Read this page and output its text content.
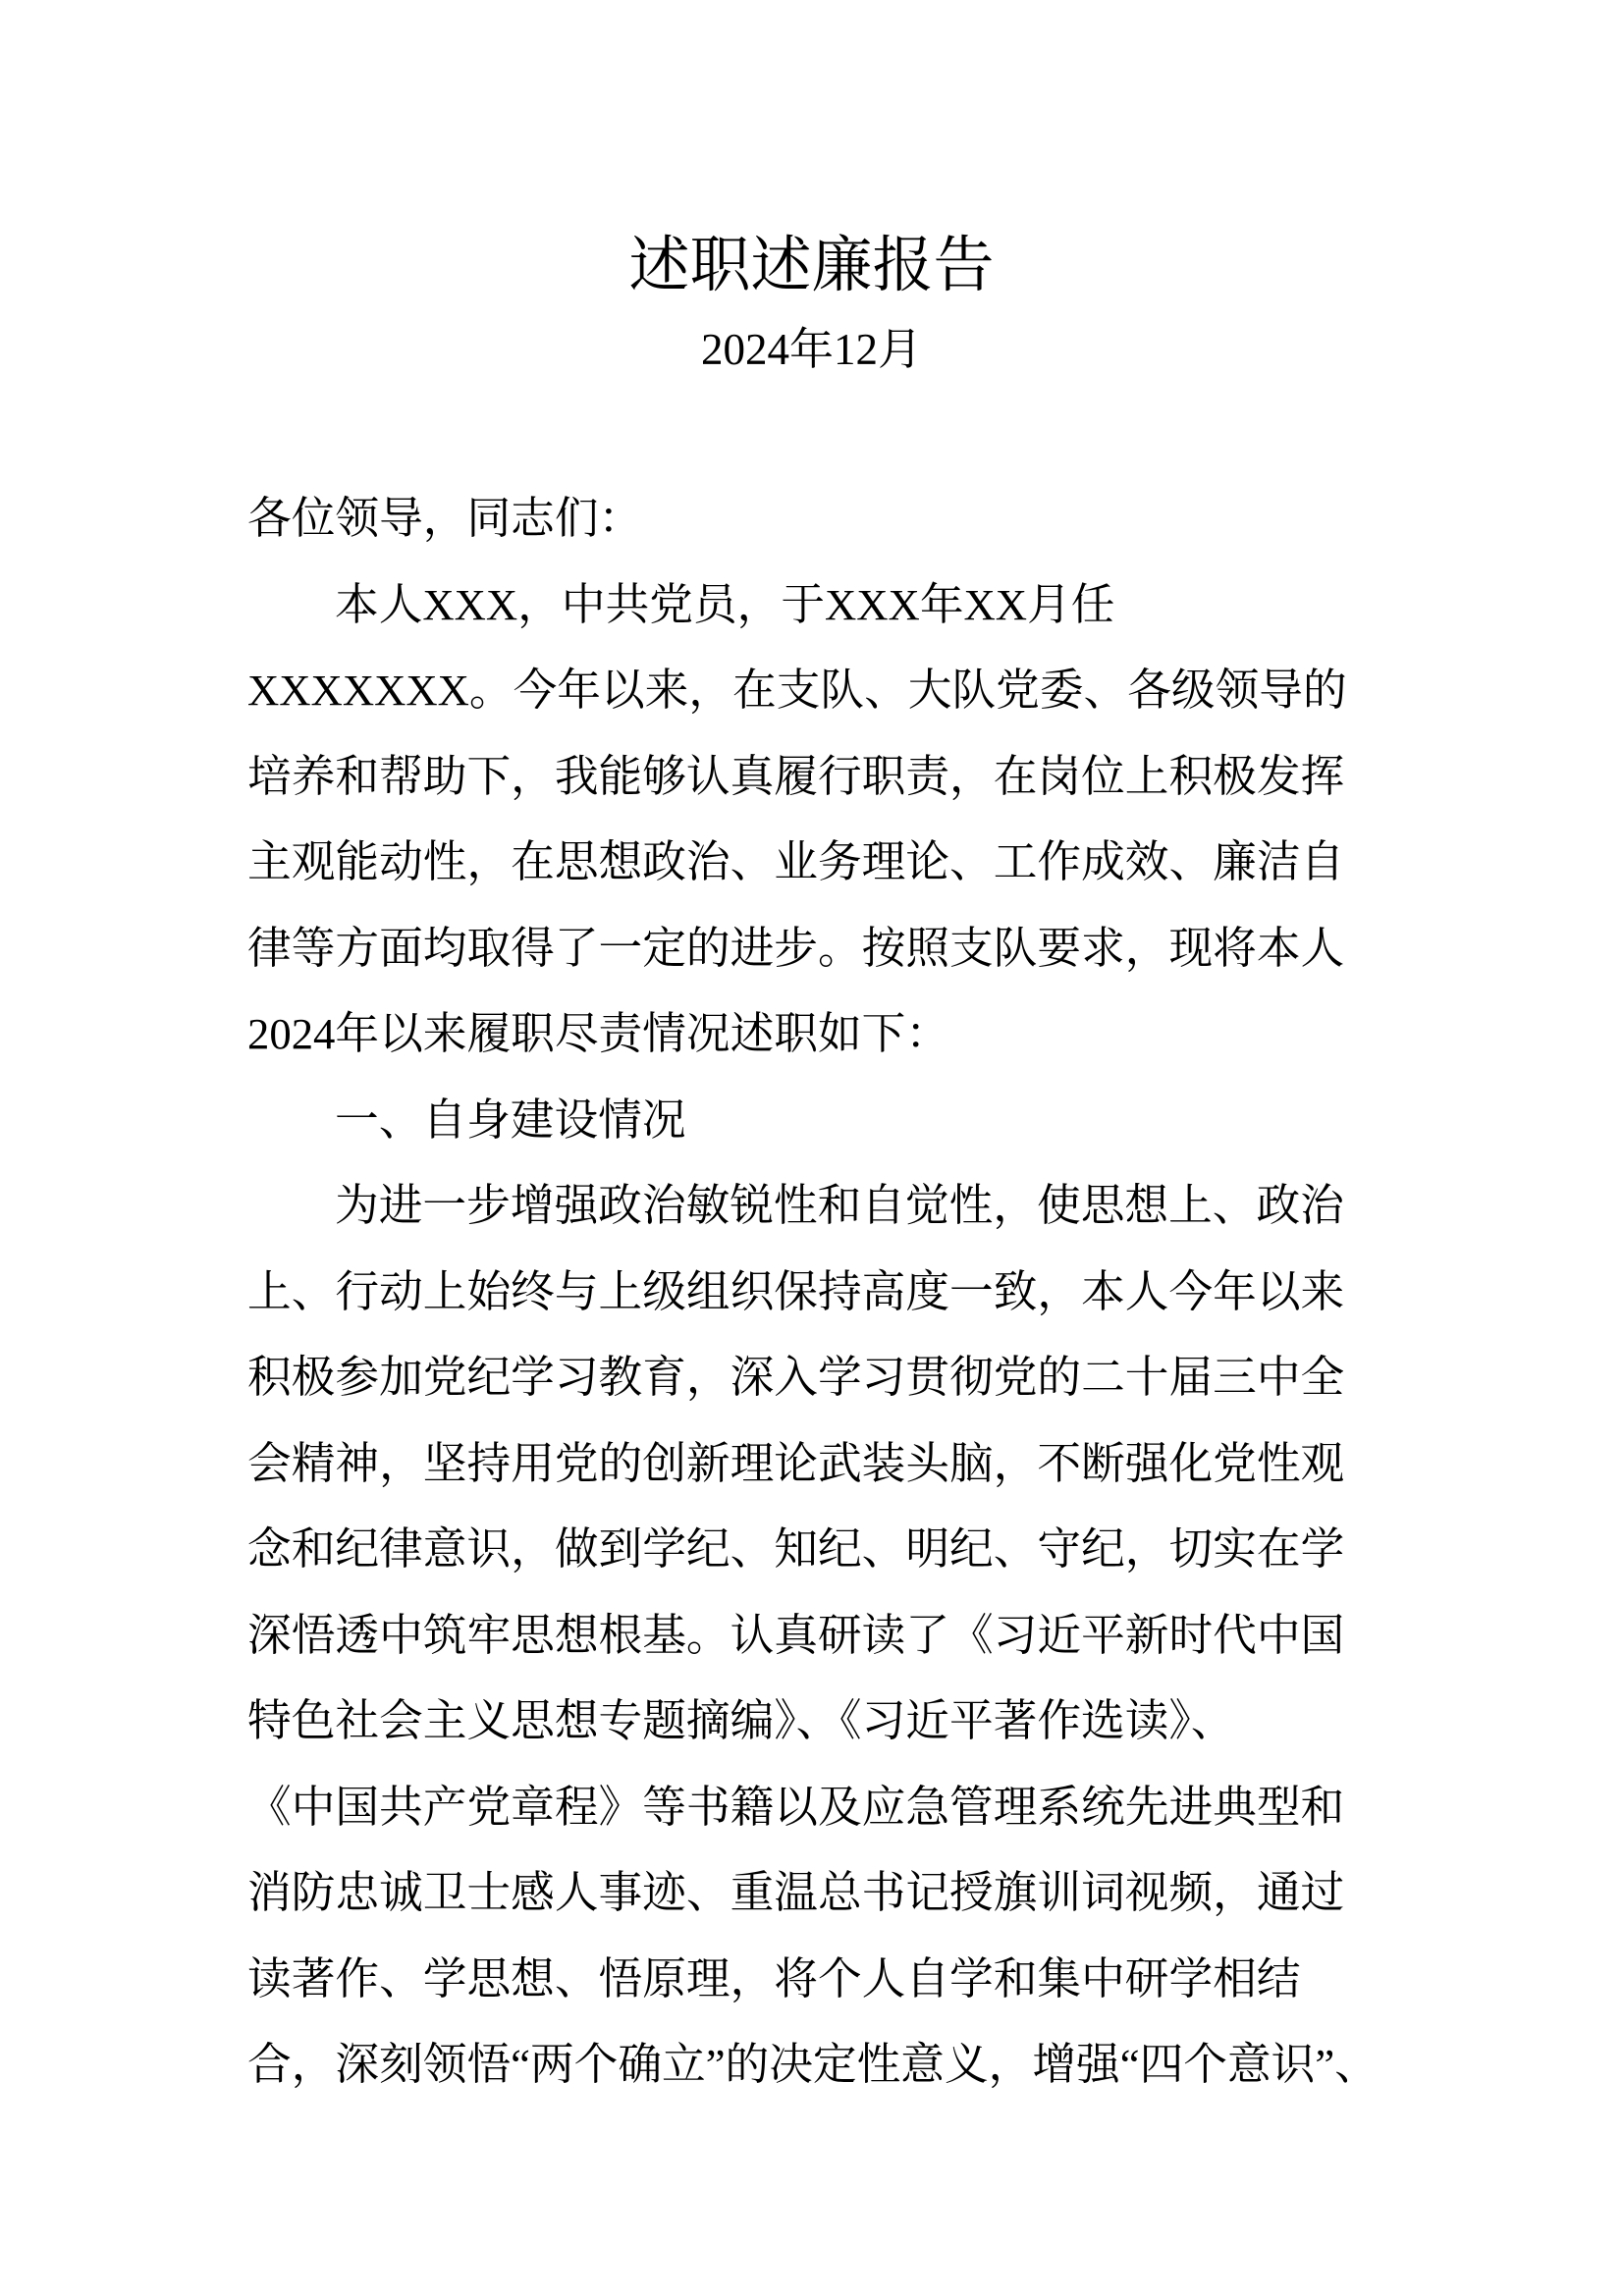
述职述廉报告
2024年12月
各位领导，同志们：
本人XXX，中共党员，于XXX年XX月任
XXXXXXX。今年以来，在支队、大队党委、各级领导的
培养和帮助下，我能够认真履行职责，在岗位上积极发挥
主观能动性，在思想政治、业务理论、工作成效、廉洁自
律等方面均取得了一定的进步。按照支队要求，现将本人
2024年以来履职尽责情况述职如下：
一、自身建设情况
为进一步增强政治敏锐性和自觉性，使思想上、政治
上、行动上始终与上级组织保持高度一致，本人今年以来
积极参加党纪学习教育，深入学习贯彻党的二十届三中全
会精神，坚持用党的创新理论武装头脑，不断强化党性观
念和纪律意识，做到学纪、知纪、明纪、守纪，切实在学
深悟透中筑牢思想根基。认真研读了《习近平新时代中国
特色社会主义思想专题摘编》、《习近平著作选读》、
《中国共产党章程》等书籍以及应急管理系统先进典型和
消防忠诚卫士感人事迹、重温总书记授旗训词视频，通过
读著作、学思想、悟原理，将个人自学和集中研学相结
合，深刻领悟“两个确立”的决定性意义，增强“四个意识”、
